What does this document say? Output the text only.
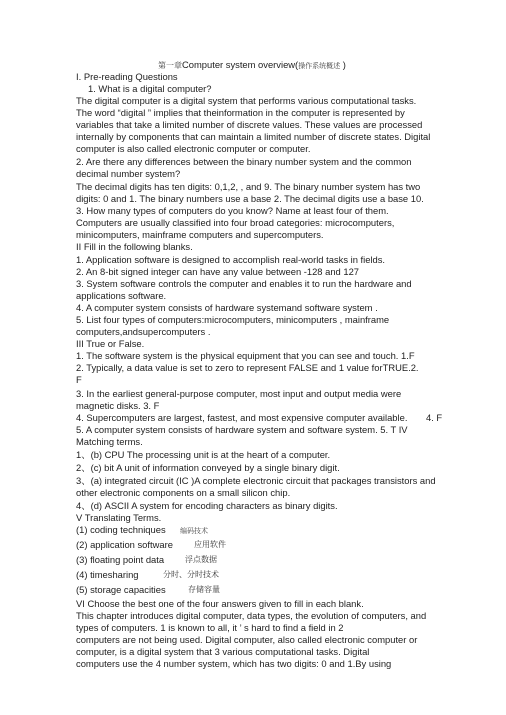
第一章Computer system overview(操作系统概述 )
I. Pre-reading Questions
1. What is a digital computer?
The digital computer is a digital system that performs various computational tasks.
The word “digital ” implies that theinformation in the computer is represented by
variables that take a limited number of discrete values. These values are processed
internally by components that can maintain a limited number of discrete states. Digital
computer is also called electronic computer or computer.
2. Are there any differences between the binary number system and the common
decimal number system?
The decimal digits has ten digits: 0,1,2, , and 9. The binary number system has two
digits: 0 and 1. The binary numbers use a base 2. The decimal digits use a base 10.
3. How many types of computers do you know? Name at least four of them.
Computers are usually classified into four broad categories: microcomputers,
minicomputers, mainframe computers and supercomputers.
II Fill in the following blanks.
1. Application software is designed to accomplish real-world tasks in fields.
2. An 8-bit signed integer can have any value between -128 and 127
3. System software controls the computer and enables it to run the hardware and
applications software.
4. A computer system consists of hardware systemand software system .
5. List four types of computers:microcomputers, minicomputers , mainframe
computers,andsupercomputers .
III True or False.
1. The software system is the physical equipment that you can see and touch. 1.F
2. Typically, a data value is set to zero to represent FALSE and 1 value forTRUE.2.
F
3. In the earliest general-purpose computer, most input and output media were
magnetic disks. 3. F
4. Supercomputers are largest, fastest, and most expensive computer available. 4. F
5. A computer system consists of hardware system and software system. 5. T IV
Matching terms.
1、(b) CPU The processing unit is at the heart of a computer.
2、(c) bit A unit of information conveyed by a single binary digit.
3、(a) integrated circuit (IC )A complete electronic circuit that packages transistors and
other electronic components on a small silicon chip.
4、(d) ASCII A system for encoding characters as binary digits.
V Translating Terms.
(1) coding techniques 编码技术
(2) application software	应用软件
(3) floating point data	浮点数据
(4) timesharing	分时、分时技术
(5) storage capacities	存储容量
VI Choose the best one of the four answers given to fill in each blank.
This chapter introduces digital computer, data types, the evolution of computers, and
types of computers. 1 is known to all, it ’ s hard to find a field in 2
computers are not being used. Digital computer, also called electronic computer or
computer, is a digital system that 3 various computational tasks. Digital
computers use the 4 number system, which has two digits: 0 and 1.By using
